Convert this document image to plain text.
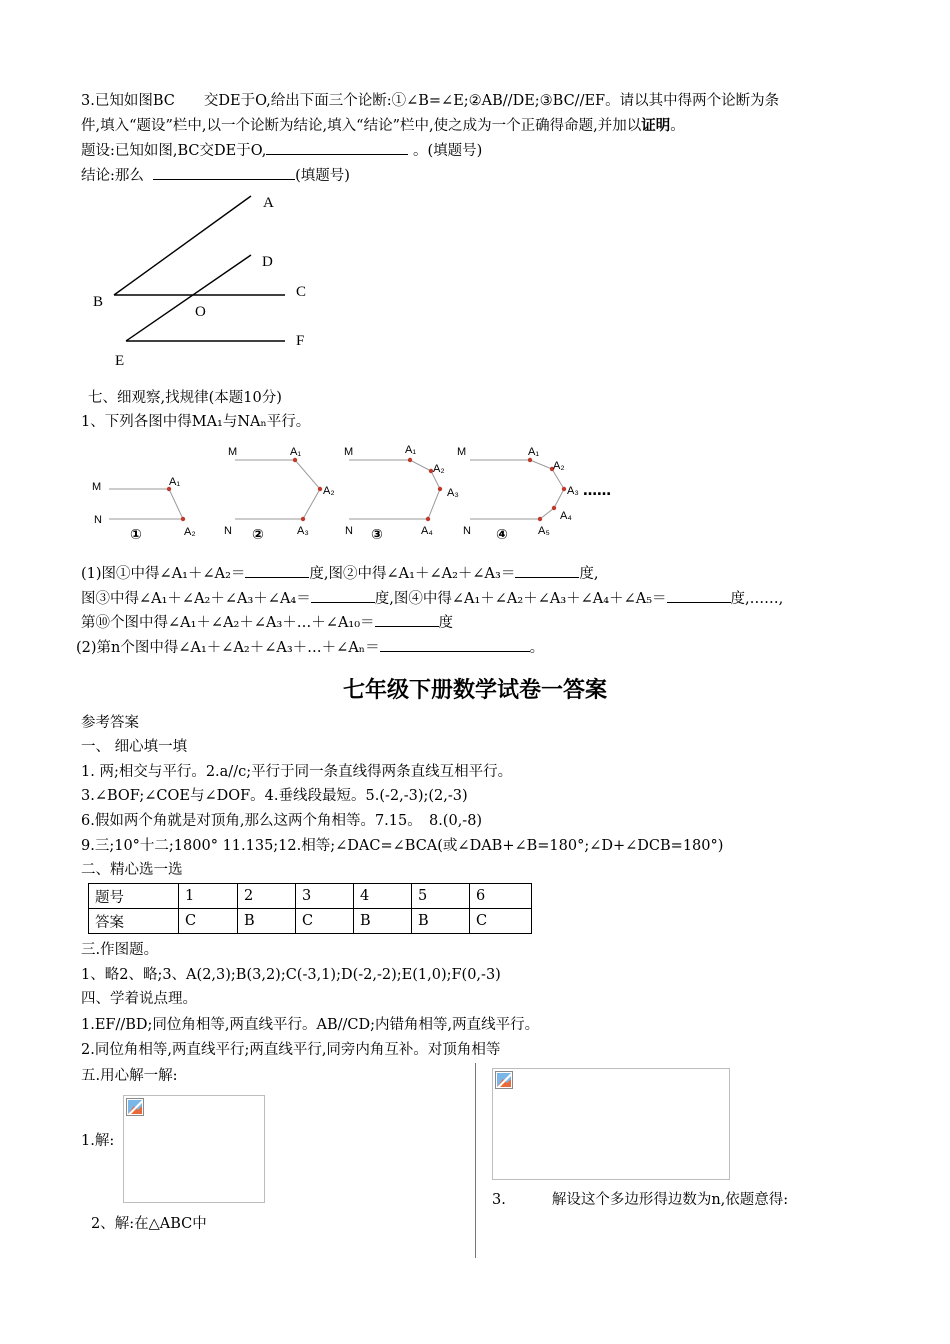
3.已知如图BC　　交DE于O,给出下面三个论断:①∠B=∠E;②AB//DE;③BC//EF。请以其中得两个论断为条
件,填入“题设”栏中,以一个论断为结论,填入“结论”栏中,使之成为一个正确得命题,并加以证明。
题设:已知如图,BC交DE于O,	。(填题号)
结论:那么	(填题号)
A
D
B
C
O
E
F
七、细观察,找规律(本题10分)
1、下列各图中得MA₁与NAₙ平行。
M
N
A₁
A₂
M
N
A₁
A₂
A₃
M
N
A₁
A₂
A₃
A₄
M
N
A₁
A₂
A₃
A₄
A₅
①	②	③	④
……
(1)图①中得∠A₁＋∠A₂＝	度,图②中得∠A₁＋∠A₂＋∠A₃＝	度,
图③中得∠A₁＋∠A₂＋∠A₃＋∠A₄＝	度,图④中得∠A₁＋∠A₂＋∠A₃＋∠A₄＋∠A₅＝	度,……,
第⑩个图中得∠A₁＋∠A₂＋∠A₃＋…＋∠A₁₀＝	度
(2)第n个图中得∠A₁＋∠A₂＋∠A₃＋…＋∠Aₙ＝	。
七年级下册数学试卷一答案
参考答案
一、 细心填一填
1. 两;相交与平行。2.a//c;平行于同一条直线得两条直线互相平行。
3.∠BOF;∠COE与∠DOF。4.垂线段最短。5.(-2,-3);(2,-3)
6.假如两个角就是对顶角,那么这两个角相等。7.15。　8.(0,-8)
9.三;10°十二;1800° 11.135;12.相等;∠DAC=∠BCA(或∠DAB+∠B=180°;∠D+∠DCB=180°)
二、精心选一选
题号	1	2	3	4	5	6
答案	C	B	C	B	B	C
三.作图题。
1、略2、略;3、A(2,3);B(3,2);C(-3,1);D(-2,-2);E(1,0);F(0,-3)
四、学着说点理。
1.EF//BD;同位角相等,两直线平行。AB//CD;内错角相等,两直线平行。
2.同位角相等,两直线平行;两直线平行,同旁内角互补。对顶角相等
五.用心解一解:
1.解:
3.	解设这个多边形得边数为n,依题意得:
2、解:在△ABC中
